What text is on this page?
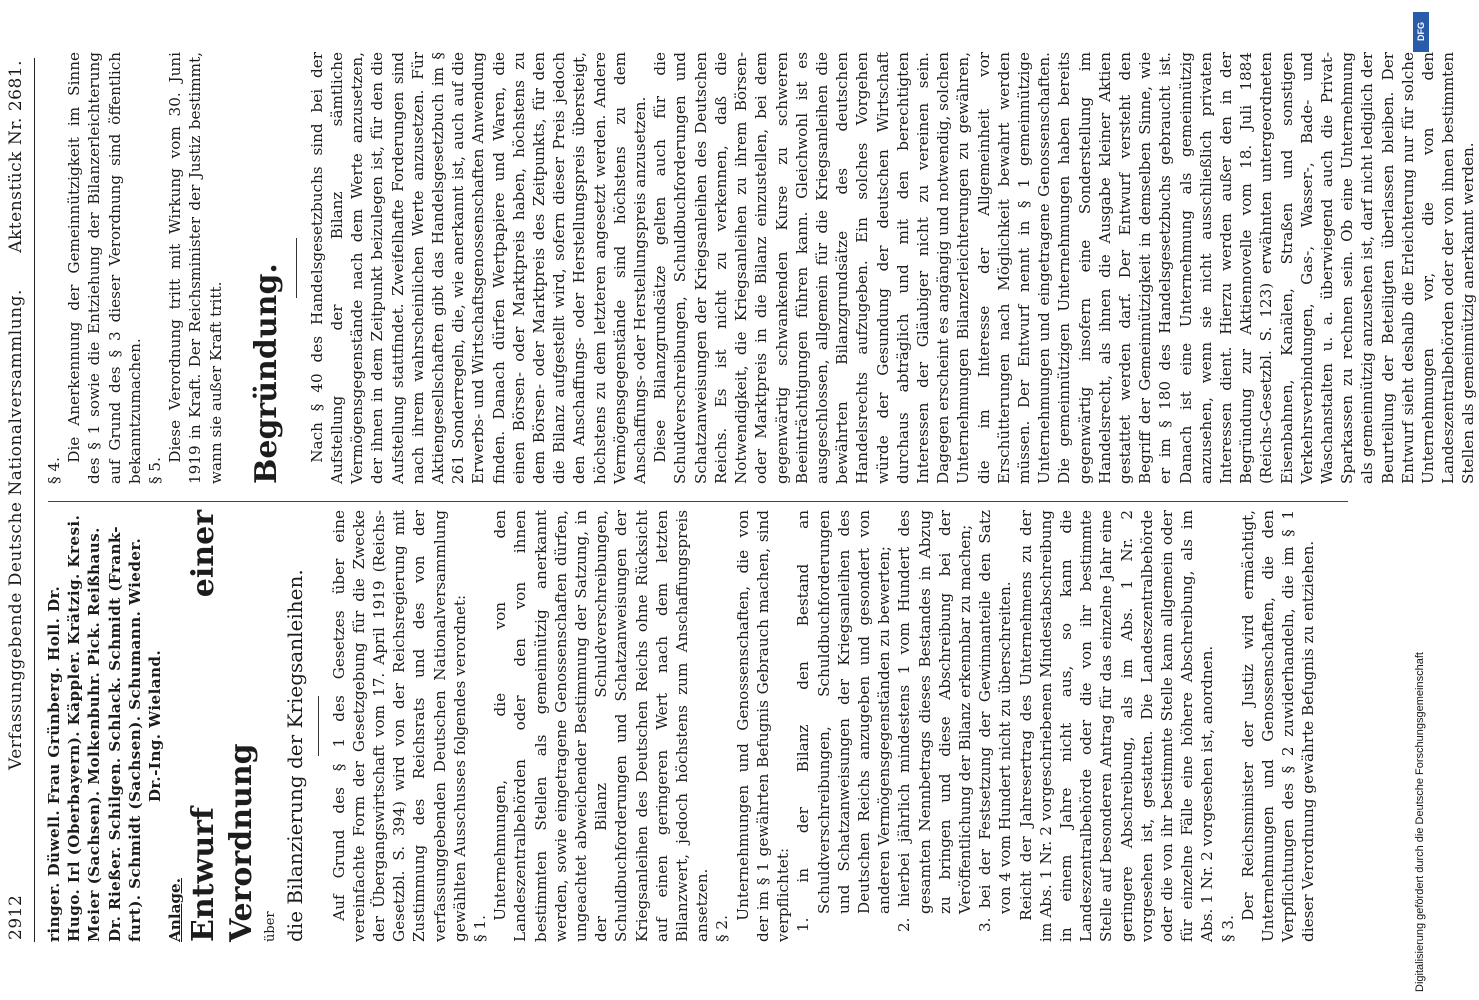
2912
Verfassunggebende Deutsche Nationalversammlung.
Aktenstück Nr. 2681.

ringer. Düwell. Frau Grünberg. Holl. Dr. Hugo. Irl (Oberbayern). Käppler. Krätzig. Kresi. Meier (Sachsen). Molkenbuhr. Pick. Reißhaus. Dr. Rießer. Schilgen. Schlack. Schmidt (Frank- furt). Schmidt (Sachsen). Schumann. Wieder. Dr.-Ing. Wieland.

Anlage. Entwurf einer Verordnung über die Bilanzierung der Kriegsanleihen. Auf Grund des § 1 des Gesetzes über eine vereinfachte Form der Gesetzgebung für die Zwecke der Übergangswirtschaft vom 17. April 1919 (Reichs-Gesetzbl. S. 394) wird von der Reichsregierung mit Zustimmung des Reichsrats und des von der verfassunggebenden Deutschen Nationalversammlung gewählten Ausschusses folgendes verordnet: § 1.

Unternehmungen, die von den Landeszentralbehörden oder den von ihnen bestimmten Stellen als gemeinnützig anerkannt werden, sowie eingetragene Genossenschaften dürfen, ungeachtet abweichender Bestimmung der Satzung, in der Bilanz Schuldverschreibungen, Schuldbuchforderungen und Schatzanweisungen der Kriegsanleihen des Deutschen Reichs ohne Rücksicht auf einen geringeren Wert nach dem letzten Bilanzwert, jedoch höchstens zum Anschaffungspreis ansetzen. § 2.

Unternehmungen und Genossenschaften, die von der im § 1 gewährten Befugnis Gebrauch machen, sind verpflichtet: 1. in der Bilanz den Bestand an Schuldverschreibungen, Schuldbuchforderungen und Schatzanweisungen der Kriegsanleihen des Deutschen Reichs anzugeben und gesondert von anderen Vermögensgegenständen zu bewerten; 2. hierbei jährlich mindestens 1 vom Hundert des gesamten Nennbetrags dieses Bestandes in Abzug zu bringen und diese Abschreibung bei der Veröffentlichung der Bilanz erkennbar zu machen; 3. bei der Festsetzung der Gewinnanteile den Satz von 4 vom Hundert nicht zu überschreiten. Reicht der Jahresertrag des Unternehmens zu der im Abs. 1 Nr. 2 vorgeschriebenen Mindestabschreibung in einem Jahre nicht aus, so kann die Landeszentralbehörde oder die von ihr bestimmte Stelle auf besonderen Antrag für das einzelne Jahr eine geringere Abschreibung, als im Abs. 1 Nr. 2 vorgesehen ist, gestatten. Die Landeszentralbehörde oder die von ihr bestimmte Stelle kann allgemein oder für einzelne Fälle eine höhere Abschreibung, als im Abs. 1 Nr. 2 vorgesehen ist, anordnen. § 3.

Der Reichsminister der Justiz wird ermächtigt, Unternehmungen und Genossenschaften, die den Verpflichtungen des § 2 zuwiderhandeln, die im § 1 dieser Verordnung gewährte Befugnis zu entziehen.

§ 4.

Die Anerkennung der Gemeinnützigkeit im Sinne des § 1 sowie die Entziehung der Bilanzerleichterung auf Grund des § 3 dieser Verordnung sind öffentlich bekanntzumachen. § 5.

Diese Verordnung tritt mit Wirkung vom 30. Juni 1919 in Kraft. Der Reichsminister der Justiz bestimmt, wann sie außer Kraft tritt. Begründung. Nach § 40 des Handelsgesetzbuchs sind bei der Aufstellung der Bilanz sämtliche Vermögensgegenstände nach dem Werte anzusetzen, der ihnen in dem Zeitpunkt beizulegen ist, für den die Aufstellung stattfindet. Zweifelhafte Forderungen sind nach ihrem wahrscheinlichen Werte anzusetzen. Für Aktiengesellschaften gibt das Handelsgesetzbuch im § 261 Sonderregeln, die, wie anerkannt ist, auch auf die Erwerbs- und Wirtschaftsgenossenschaften Anwendung finden. Danach dürfen Wertpapiere und Waren, die einen Börsen- oder Marktpreis haben, höchstens zu dem Börsen- oder Marktpreis des Zeitpunkts, für den die Bilanz aufgestellt wird, sofern dieser Preis jedoch den Anschaffungs- oder Herstellungspreis übersteigt, höchstens zu dem letzteren angesetzt werden. Andere Vermögensgegenstände sind höchstens zu dem Anschaffungs- oder Herstellungspreis anzusetzen. Diese Bilanzgrundsätze gelten auch für die Schuldverschreibungen, Schuldbuchforderungen und Schatzanweisungen der Kriegsanleihen des Deutschen Reichs. Es ist nicht zu verkennen, daß die Notwendigkeit, die Kriegsanleihen zu ihrem Börsen- oder Marktpreis in die Bilanz einzustellen, bei dem gegenwärtig schwankenden Kurse zu schweren Beeinträchtigungen führen kann. Gleichwohl ist es ausgeschlossen, allgemein für die Kriegsanleihen die bewährten Bilanzgrundsätze des deutschen Handelsrechts aufzugeben. Ein solches Vorgehen würde der Gesundung der deutschen Wirtschaft durchaus abträglich und mit den berechtigten Interessen der Gläubiger nicht zu vereinen sein. Dagegen erscheint es angängig und notwendig, solchen Unternehmungen Bilanzerleichterungen zu gewähren, die im Interesse der Allgemeinheit vor Erschütterungen nach Möglichkeit bewahrt werden müssen. Der Entwurf nennt in § 1 gemeinnützige Unternehmungen und eingetragene Genossenschaften. Die gemeinnützigen Unternehmungen haben bereits gegenwärtig insofern eine Sonderstellung im Handelsrecht, als ihnen die Ausgabe kleiner Aktien gestattet werden darf. Der Entwurf versteht den Begriff der Gemeinnützigkeit in demselben Sinne, wie er im § 180 des Handelsgesetzbuchs gebraucht ist. Danach ist eine Unternehmung als gemeinnützig anzusehen, wenn sie nicht ausschließlich privaten Interessen dient. Hierzu werden außer den in der Begründung zur Aktiennovelle vom 18. Juli 1884 (Reichs-Gesetzbl. S. 123) erwähnten untergeordneten Eisenbahnen, Kanälen, Straßen und sonstigen Verkehrsverbindungen, Gas-, Wasser-, Bade- und Waschanstalten u. a. überwiegend auch die Privat-Sparkassen zu rechnen sein. Ob eine Unternehmung als gemeinnützig anzusehen ist, darf nicht lediglich der Beurteilung der Beteiligten überlassen bleiben. Der Entwurf sieht deshalb die Erleichterung nur für solche Unternehmungen vor, die von den Landeszentralbehörden oder der von ihnen bestimmten Stellen als gemeinnützig anerkannt werden.

DFG
Digitalisierung gefördert durch die Deutsche Forschungsgemeinschaft
